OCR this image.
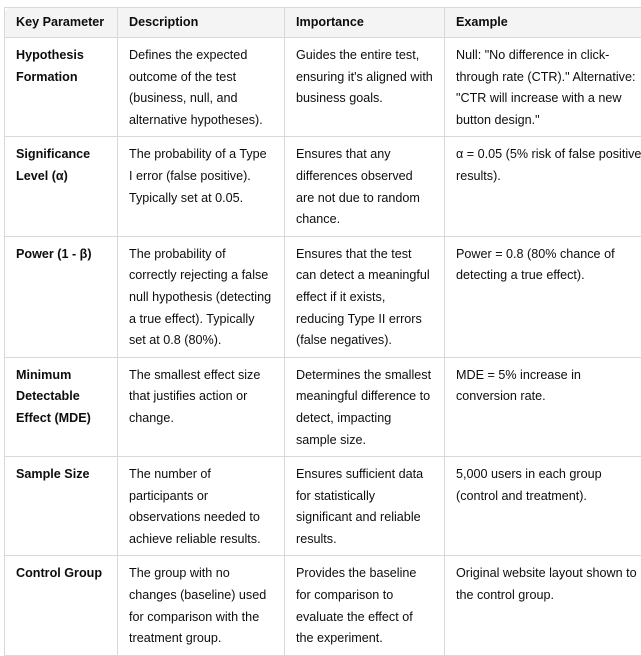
Key Parameter	Description	Importance	Example
Hypothesis Formation	Defines the expected outcome of the test (business, null, and alternative hypotheses).	Guides the entire test, ensuring it's aligned with business goals.	Null: "No difference in click-through rate (CTR)." Alternative: "CTR will increase with a new button design."
Significance Level (α)	The probability of a Type I error (false positive). Typically set at 0.05.	Ensures that any differences observed are not due to random chance.	α = 0.05 (5% risk of false positive results).
Power (1 - β)	The probability of correctly rejecting a false null hypothesis (detecting a true effect). Typically set at 0.8 (80%).	Ensures that the test can detect a meaningful effect if it exists, reducing Type II errors (false negatives).	Power = 0.8 (80% chance of detecting a true effect).
Minimum Detectable Effect (MDE)	The smallest effect size that justifies action or change.	Determines the smallest meaningful difference to detect, impacting sample size.	MDE = 5% increase in conversion rate.
Sample Size	The number of participants or observations needed to achieve reliable results.	Ensures sufficient data for statistically significant and reliable results.	5,000 users in each group (control and treatment).
Control Group	The group with no changes (baseline) used for comparison with the treatment group.	Provides the baseline for comparison to evaluate the effect of the experiment.	Original website layout shown to the control group.
